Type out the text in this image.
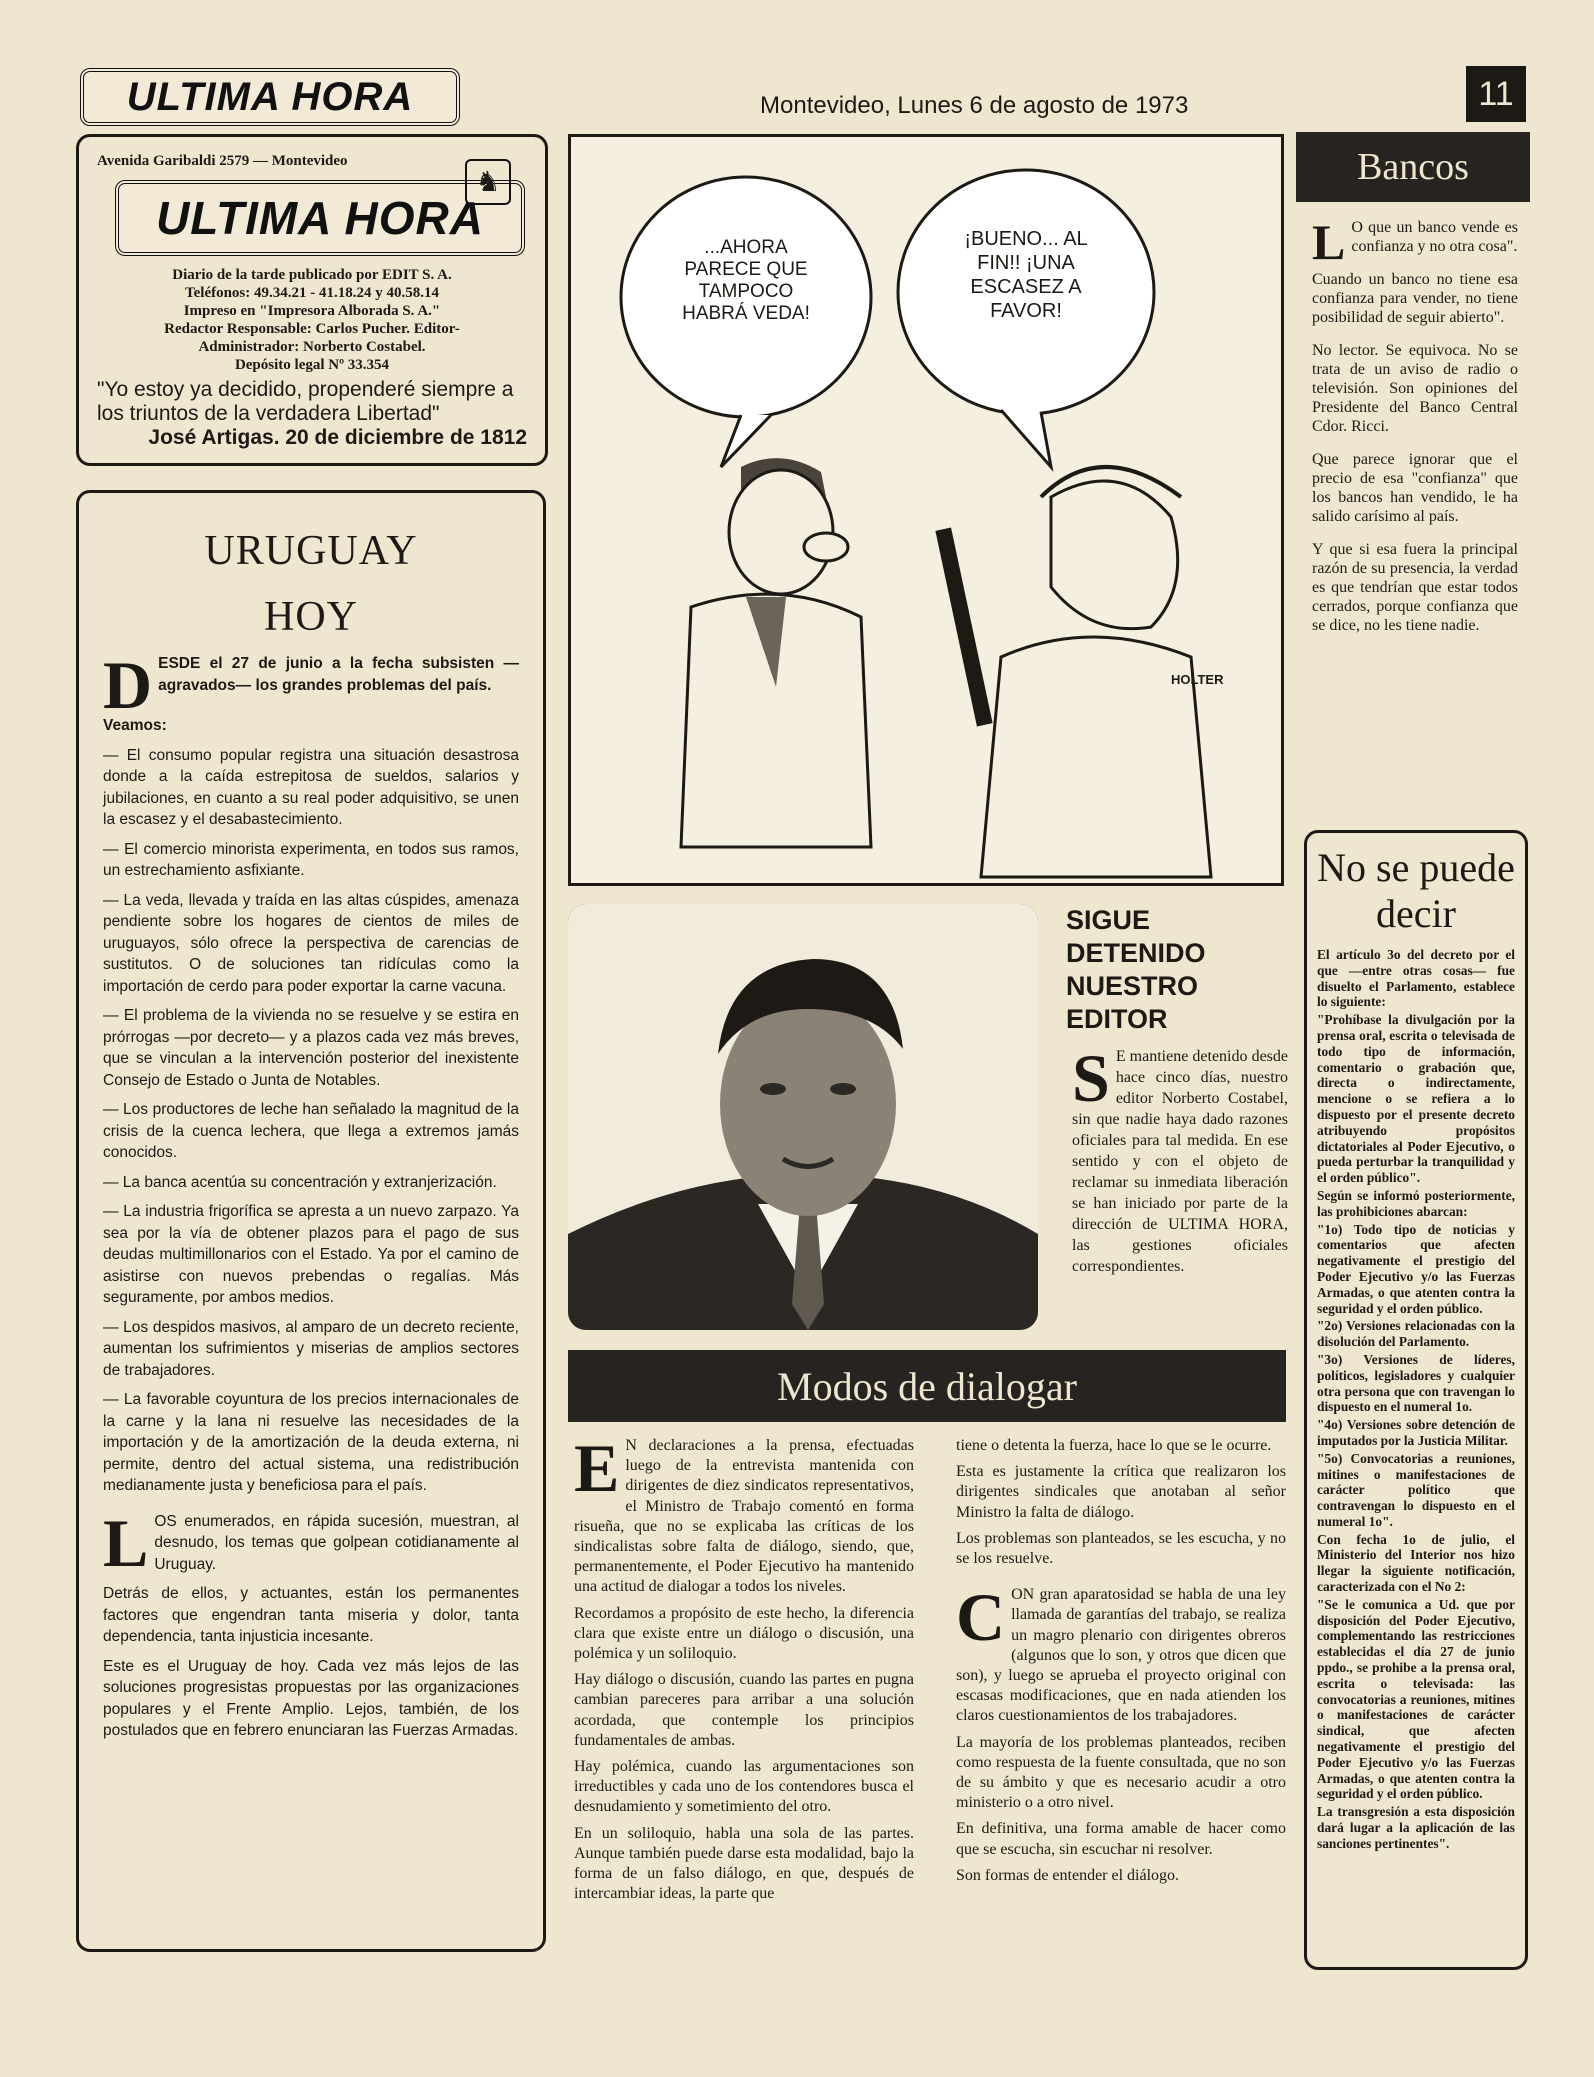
ULTIMA HORA	Montevideo, Lunes 6 de agosto de 1973	11
Avenida Garibaldi 2579 — Montevideo
♞
ULTIMA HORA
Diario de la tarde publicado por EDIT S. A.
Teléfonos: 49.34.21 - 41.18.24 y 40.58.14
Impreso en "Impresora Alborada S. A."
Redactor Responsable: Carlos Pucher. Editor-
Administrador: Norberto Costabel.
Depósito legal Nº 33.354
"Yo estoy ya decidido, propenderé siempre a los triuntos de la verdadera Libertad"
José Artigas. 20 de diciembre de 1812
URUGUAY
HOY

DESDE el 27 de junio a la fecha subsisten —agravados— los grandes problemas del país.

Veamos:

— El consumo popular registra una situación desastrosa donde a la caída estrepitosa de sueldos, salarios y jubilaciones, en cuanto a su real poder adquisitivo, se unen la escasez y el desabastecimiento.

— El comercio minorista experimenta, en todos sus ramos, un estrechamiento asfixiante.

— La veda, llevada y traída en las altas cúspides, amenaza pendiente sobre los hogares de cientos de miles de uruguayos, sólo ofrece la perspectiva de carencias de sustitutos. O de soluciones tan ridículas como la importación de cerdo para poder exportar la carne vacuna.

— El problema de la vivienda no se resuelve y se estira en prórrogas —por decreto— y a plazos cada vez más breves, que se vinculan a la intervención posterior del inexistente Consejo de Estado o Junta de Notables.

— Los productores de leche han señalado la magnitud de la crisis de la cuenca lechera, que llega a extremos jamás conocidos.

— La banca acentúa su concentración y extranjerización.

— La industria frigorífica se apresta a un nuevo zarpazo. Ya sea por la vía de obtener plazos para el pago de sus deudas multimillonarios con el Estado. Ya por el camino de asistirse con nuevos prebendas o regalías. Más seguramente, por ambos medios.

— Los despidos masivos, al amparo de un decreto reciente, aumentan los sufrimientos y miserias de amplios sectores de trabajadores.

— La favorable coyuntura de los precios internacionales de la carne y la lana ni resuelve las necesidades de la importación y de la amortización de la deuda externa, ni permite, dentro del actual sistema, una redistribución medianamente justa y beneficiosa para el país.

LOS enumerados, en rápida sucesión, muestran, al desnudo, los temas que golpean cotidianamente al Uruguay.

Detrás de ellos, y actuantes, están los permanentes factores que engendran tanta miseria y dolor, tanta dependencia, tanta injusticia incesante.

Este es el Uruguay de hoy. Cada vez más lejos de las soluciones progresistas propuestas por las organizaciones populares y el Frente Amplio. Lejos, también, de los postulados que en febrero enunciaran las Fuerzas Armadas.

...AHORA PARECE QUE TAMPOCO HABRÁ VEDA!
¡BUENO... AL FIN!! ¡UNA ESCASEZ A FAVOR!
HOLTER
SIGUE DETENIDO NUESTRO EDITOR
S E mantiene detenido desde hace cinco días, nuestro editor Norberto Costabel, sin que nadie haya dado razones oficiales para tal medida. En ese sentido y con el objeto de reclamar su inmediata liberación se han iniciado por parte de la dirección de ULTIMA HORA, las gestiones oficiales correspondientes.
Modos de dialogar

E N declaraciones a la prensa, efectuadas luego de la entrevista mantenida con dirigentes de diez sindicatos representativos, el Ministro de Trabajo comentó en forma risueña, que no se explicaba las críticas de los sindicalistas sobre falta de diálogo, siendo, que, permanentemente, el Poder Ejecutivo ha mantenido una actitud de dialogar a todos los niveles.

Recordamos a propósito de este hecho, la diferencia clara que existe entre un diálogo o discusión, una polémica y un soliloquio.

Hay diálogo o discusión, cuando las partes en pugna cambian pareceres para arribar a una solución acordada, que contemple los principios fundamentales de ambas.

Hay polémica, cuando las argumentaciones son irreductibles y cada uno de los contendores busca el desnudamiento y sometimiento del otro.

En un soliloquio, habla una sola de las partes. Aunque también puede darse esta modalidad, bajo la forma de un falso diálogo, en que, después de intercambiar ideas, la parte que

tiene o detenta la fuerza, hace lo que se le ocurre.

Esta es justamente la crítica que realizaron los dirigentes sindicales que anotaban al señor Ministro la falta de diálogo.

Los problemas son planteados, se les escucha, y no se los resuelve.

CON gran aparatosidad se habla de una ley llamada de garantías del trabajo, se realiza un magro plenario con dirigentes obreros (algunos que lo son, y otros que dicen que son), y luego se aprueba el proyecto original con escasas modificaciones, que en nada atienden los claros cuestionamientos de los trabajadores.

La mayoría de los problemas planteados, reciben como respuesta de la fuente consultada, que no son de su ámbito y que es necesario acudir a otro ministerio o a otro nivel.

En definitiva, una forma amable de hacer como que se escucha, sin escuchar ni resolver.

Son formas de entender el diálogo.

Bancos

L O que un banco vende es confianza y no otra cosa".

Cuando un banco no tiene esa confianza para vender, no tiene posibilidad de seguir abierto".

No lector. Se equivoca. No se trata de un aviso de radio o televisión. Son opiniones del Presidente del Banco Central Cdor. Ricci.

Que parece ignorar que el precio de esa "confianza" que los bancos han vendido, le ha salido carísimo al país.

Y que si esa fuera la principal razón de su presencia, la verdad es que tendrían que estar todos cerrados, porque confianza que se dice, no les tiene nadie.

No se puede decir

El artículo 3o del decreto por el que —entre otras cosas— fue disuelto el Parlamento, establece lo siguiente:

"Prohíbase la divulgación por la prensa oral, escrita o televisada de todo tipo de información, comentario o grabación que, directa o indirectamente, mencione o se refiera a lo dispuesto por el presente decreto atribuyendo propósitos dictatoriales al Poder Ejecutivo, o pueda perturbar la tranquilidad y el orden público".

Según se informó posteriormente, las prohibiciones abarcan:

"1o) Todo tipo de noticias y comentarios que afecten negativamente el prestigio del Poder Ejecutivo y/o las Fuerzas Armadas, o que atenten contra la seguridad y el orden público.

"2o) Versiones relacionadas con la disolución del Parlamento.

"3o) Versiones de líderes, políticos, legisladores y cualquier otra persona que con travengan lo dispuesto en el numeral 1o.

"4o) Versiones sobre detención de imputados por la Justicia Militar.

"5o) Convocatorias a reuniones, mitines o manifestaciones de carácter político que contravengan lo dispuesto en el numeral 1o".

Con fecha 1o de julio, el Ministerio del Interior nos hizo llegar la siguiente notificación, caracterizada con el No 2:

"Se le comunica a Ud. que por disposición del Poder Ejecutivo, complementando las restricciones establecidas el día 27 de junio ppdo., se prohibe a la prensa oral, escrita o televisada: las convocatorias a reuniones, mitines o manifestaciones de carácter sindical, que afecten negativamente el prestigio del Poder Ejecutivo y/o las Fuerzas Armadas, o que atenten contra la seguridad y el orden público.

La transgresión a esta disposición dará lugar a la aplicación de las sanciones pertinentes".
